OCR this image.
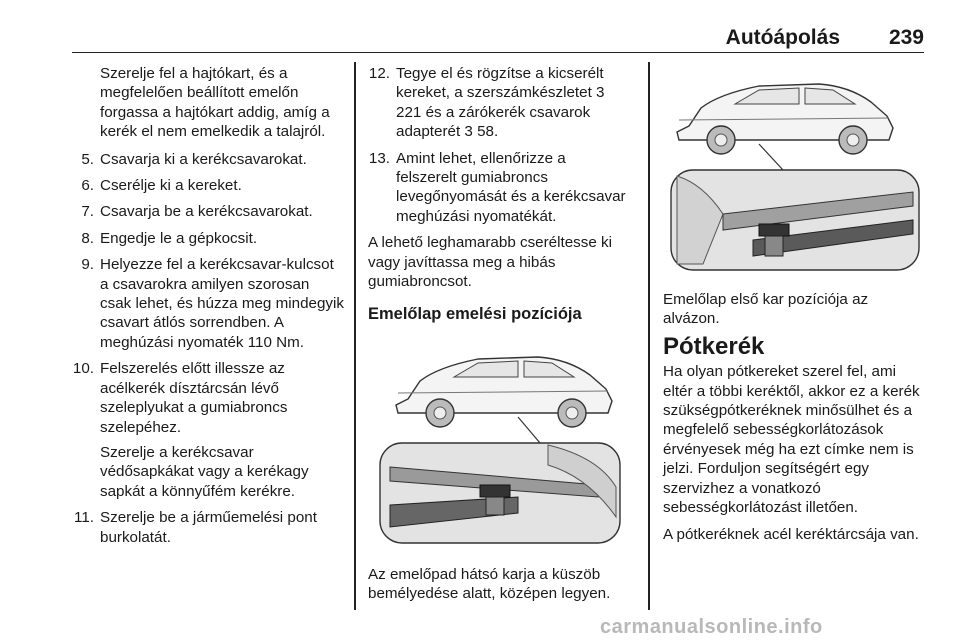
Autóápolás 239

Szerelje fel a hajtókart, és a megfelelően beállított emelőn forgassa a hajtókart addig, amíg a kerék el nem emelkedik a talajról.

5. Csavarja ki a kerékcsavarokat.
6. Cserélje ki a kereket.
7. Csavarja be a kerékcsavarokat.
8. Engedje le a gépkocsit.
9. Helyezze fel a kerékcsavar-kulcsot a csavarokra amilyen szorosan csak lehet, és húzza meg mindegyik csavart átlós sorrendben. A meghúzási nyomaték 110 Nm.
10. Felszerelés előtt illessze az acélkerék dísztárcsán lévő szeleplyukat a gumiabroncs szelepéhez.
Szerelje a kerékcsavar védősapkákat vagy a kerékagy sapkát a könnyűfém kerékre.
11. Szerelje be a járműemelési pont burkolatát.
12. Tegye el és rögzítse a kicserélt kereket, a szerszámkészletet 3 221 és a zárókerék csavarok adapterét 3 58.
13. Amint lehet, ellenőrizze a felszerelt gumiabroncs levegőnyomását és a kerékcsavar meghúzási nyomatékát.

A lehető leghamarabb cseréltesse ki vagy javíttassa meg a hibás gumiabroncsot.

Emelőlap emelési pozíciója

Az emelőpad hátsó karja a küszöb bemélyedése alatt, középen legyen.

Emelőlap első kar pozíciója az alvázon.

Pótkerék

Ha olyan pótkereket szerel fel, ami eltér a többi keréktől, akkor ez a kerék szükségpótkeréknek minősülhet és a megfelelő sebességkorlátozások érvényesek még ha ezt címke nem is jelzi. Forduljon segítségért egy szervizhez a vonatkozó sebességkorlátozást illetően.

A pótkeréknek acél keréktárcsája van.

carmanualsonline.info
